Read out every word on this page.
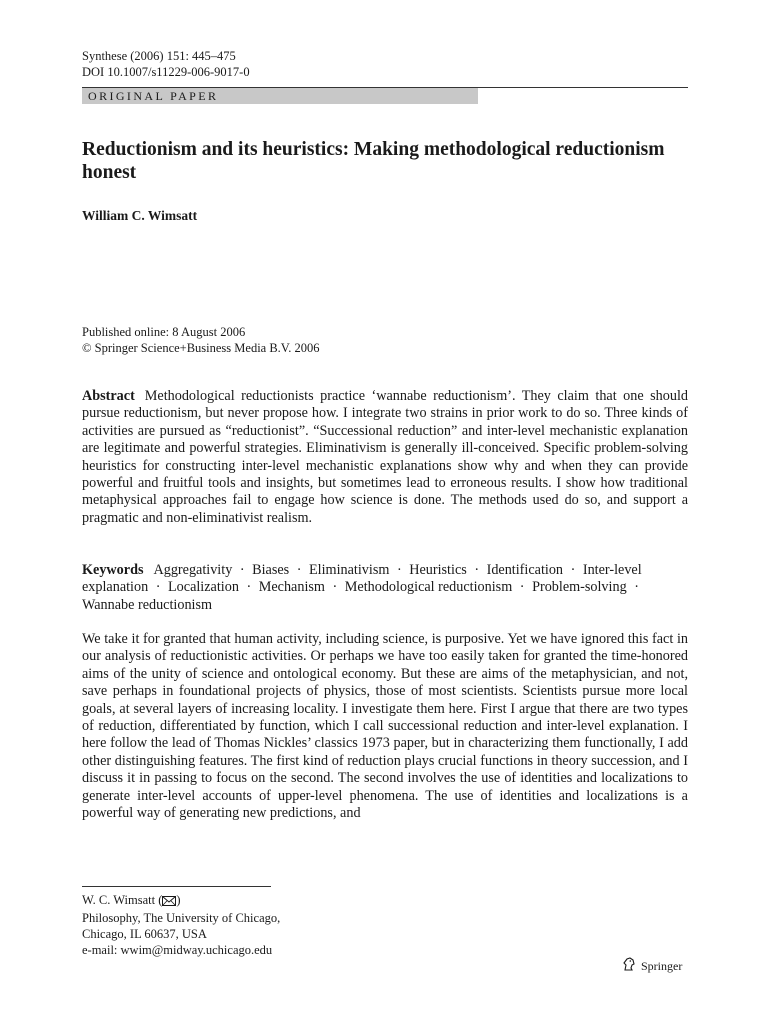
Synthese (2006) 151: 445–475
DOI 10.1007/s11229-006-9017-0
ORIGINAL PAPER
Reductionism and its heuristics: Making methodological reductionism honest
William C. Wimsatt
Published online: 8 August 2006
© Springer Science+Business Media B.V. 2006

Abstract Methodological reductionists practice ‘wannabe reductionism’. They claim that one should pursue reductionism, but never propose how. I integrate two strains in prior work to do so. Three kinds of activities are pursued as “reductionist”. “Successional reduction” and inter-level mechanistic explanation are legitimate and powerful strategies. Eliminativism is generally ill-conceived. Specific problem-solving heuristics for constructing inter-level mechanistic explanations show why and when they can provide powerful and fruitful tools and insights, but sometimes lead to erroneous results. I show how traditional metaphysical approaches fail to engage how science is done. The methods used do so, and support a pragmatic and non-eliminativist realism.

Keywords Aggregativity · Biases · Eliminativism · Heuristics · Identification · Inter-level explanation · Localization · Mechanism · Methodological reductionism · Problem-solving · Wannabe reductionism

We take it for granted that human activity, including science, is purposive. Yet we have ignored this fact in our analysis of reductionistic activities. Or perhaps we have too easily taken for granted the time-honored aims of the unity of science and ontological economy. But these are aims of the metaphysician, and not, save perhaps in foundational projects of physics, those of most scientists. Scientists pursue more local goals, at several layers of increasing locality. I investigate them here. First I argue that there are two types of reduction, differentiated by function, which I call successional reduction and inter-level explanation. I here follow the lead of Thomas Nickles’ classics 1973 paper, but in characterizing them functionally, I add other distinguishing features. The first kind of reduction plays crucial functions in theory succession, and I discuss it in passing to focus on the second. The second involves the use of identities and localizations to generate inter-level accounts of upper-level phenomena. The use of identities and localizations is a powerful way of generating new predictions, and

W. C. Wimsatt ( )
Philosophy, The University of Chicago,
Chicago, IL 60637, USA
e-mail: wwim@midway.uchicago.edu
Springer
